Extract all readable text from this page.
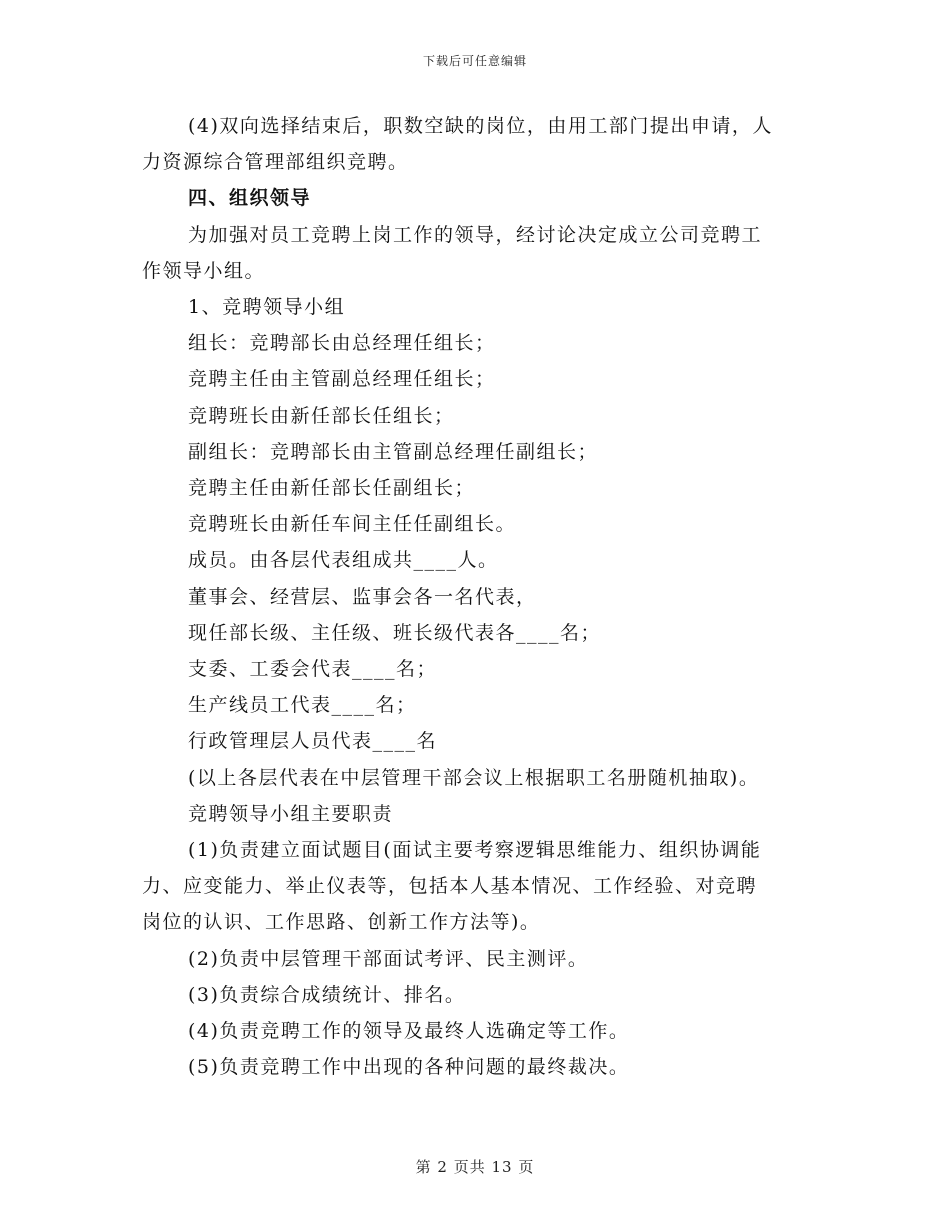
下载后可任意编辑

(4)双向选择结束后，职数空缺的岗位，由用工部门提出申请，人

力资源综合管理部组织竞聘。

四、组织领导

为加强对员工竞聘上岗工作的领导，经讨论决定成立公司竞聘工

作领导小组。

1、竞聘领导小组

组长：竞聘部长由总经理任组长；

竞聘主任由主管副总经理任组长；

竞聘班长由新任部长任组长；

副组长：竞聘部长由主管副总经理任副组长；

竞聘主任由新任部长任副组长；

竞聘班长由新任车间主任任副组长。

成员。由各层代表组成共____人。

董事会、经营层、监事会各一名代表，

现任部长级、主任级、班长级代表各____名；

支委、工委会代表____名；

生产线员工代表____名；

行政管理层人员代表____名

(以上各层代表在中层管理干部会议上根据职工名册随机抽取)。

竞聘领导小组主要职责

(1)负责建立面试题目(面试主要考察逻辑思维能力、组织协调能

力、应变能力、举止仪表等，包括本人基本情况、工作经验、对竞聘

岗位的认识、工作思路、创新工作方法等)。

(2)负责中层管理干部面试考评、民主测评。

(3)负责综合成绩统计、排名。

(4)负责竞聘工作的领导及最终人选确定等工作。

(5)负责竞聘工作中出现的各种问题的最终裁决。

第 2 页共 13 页
